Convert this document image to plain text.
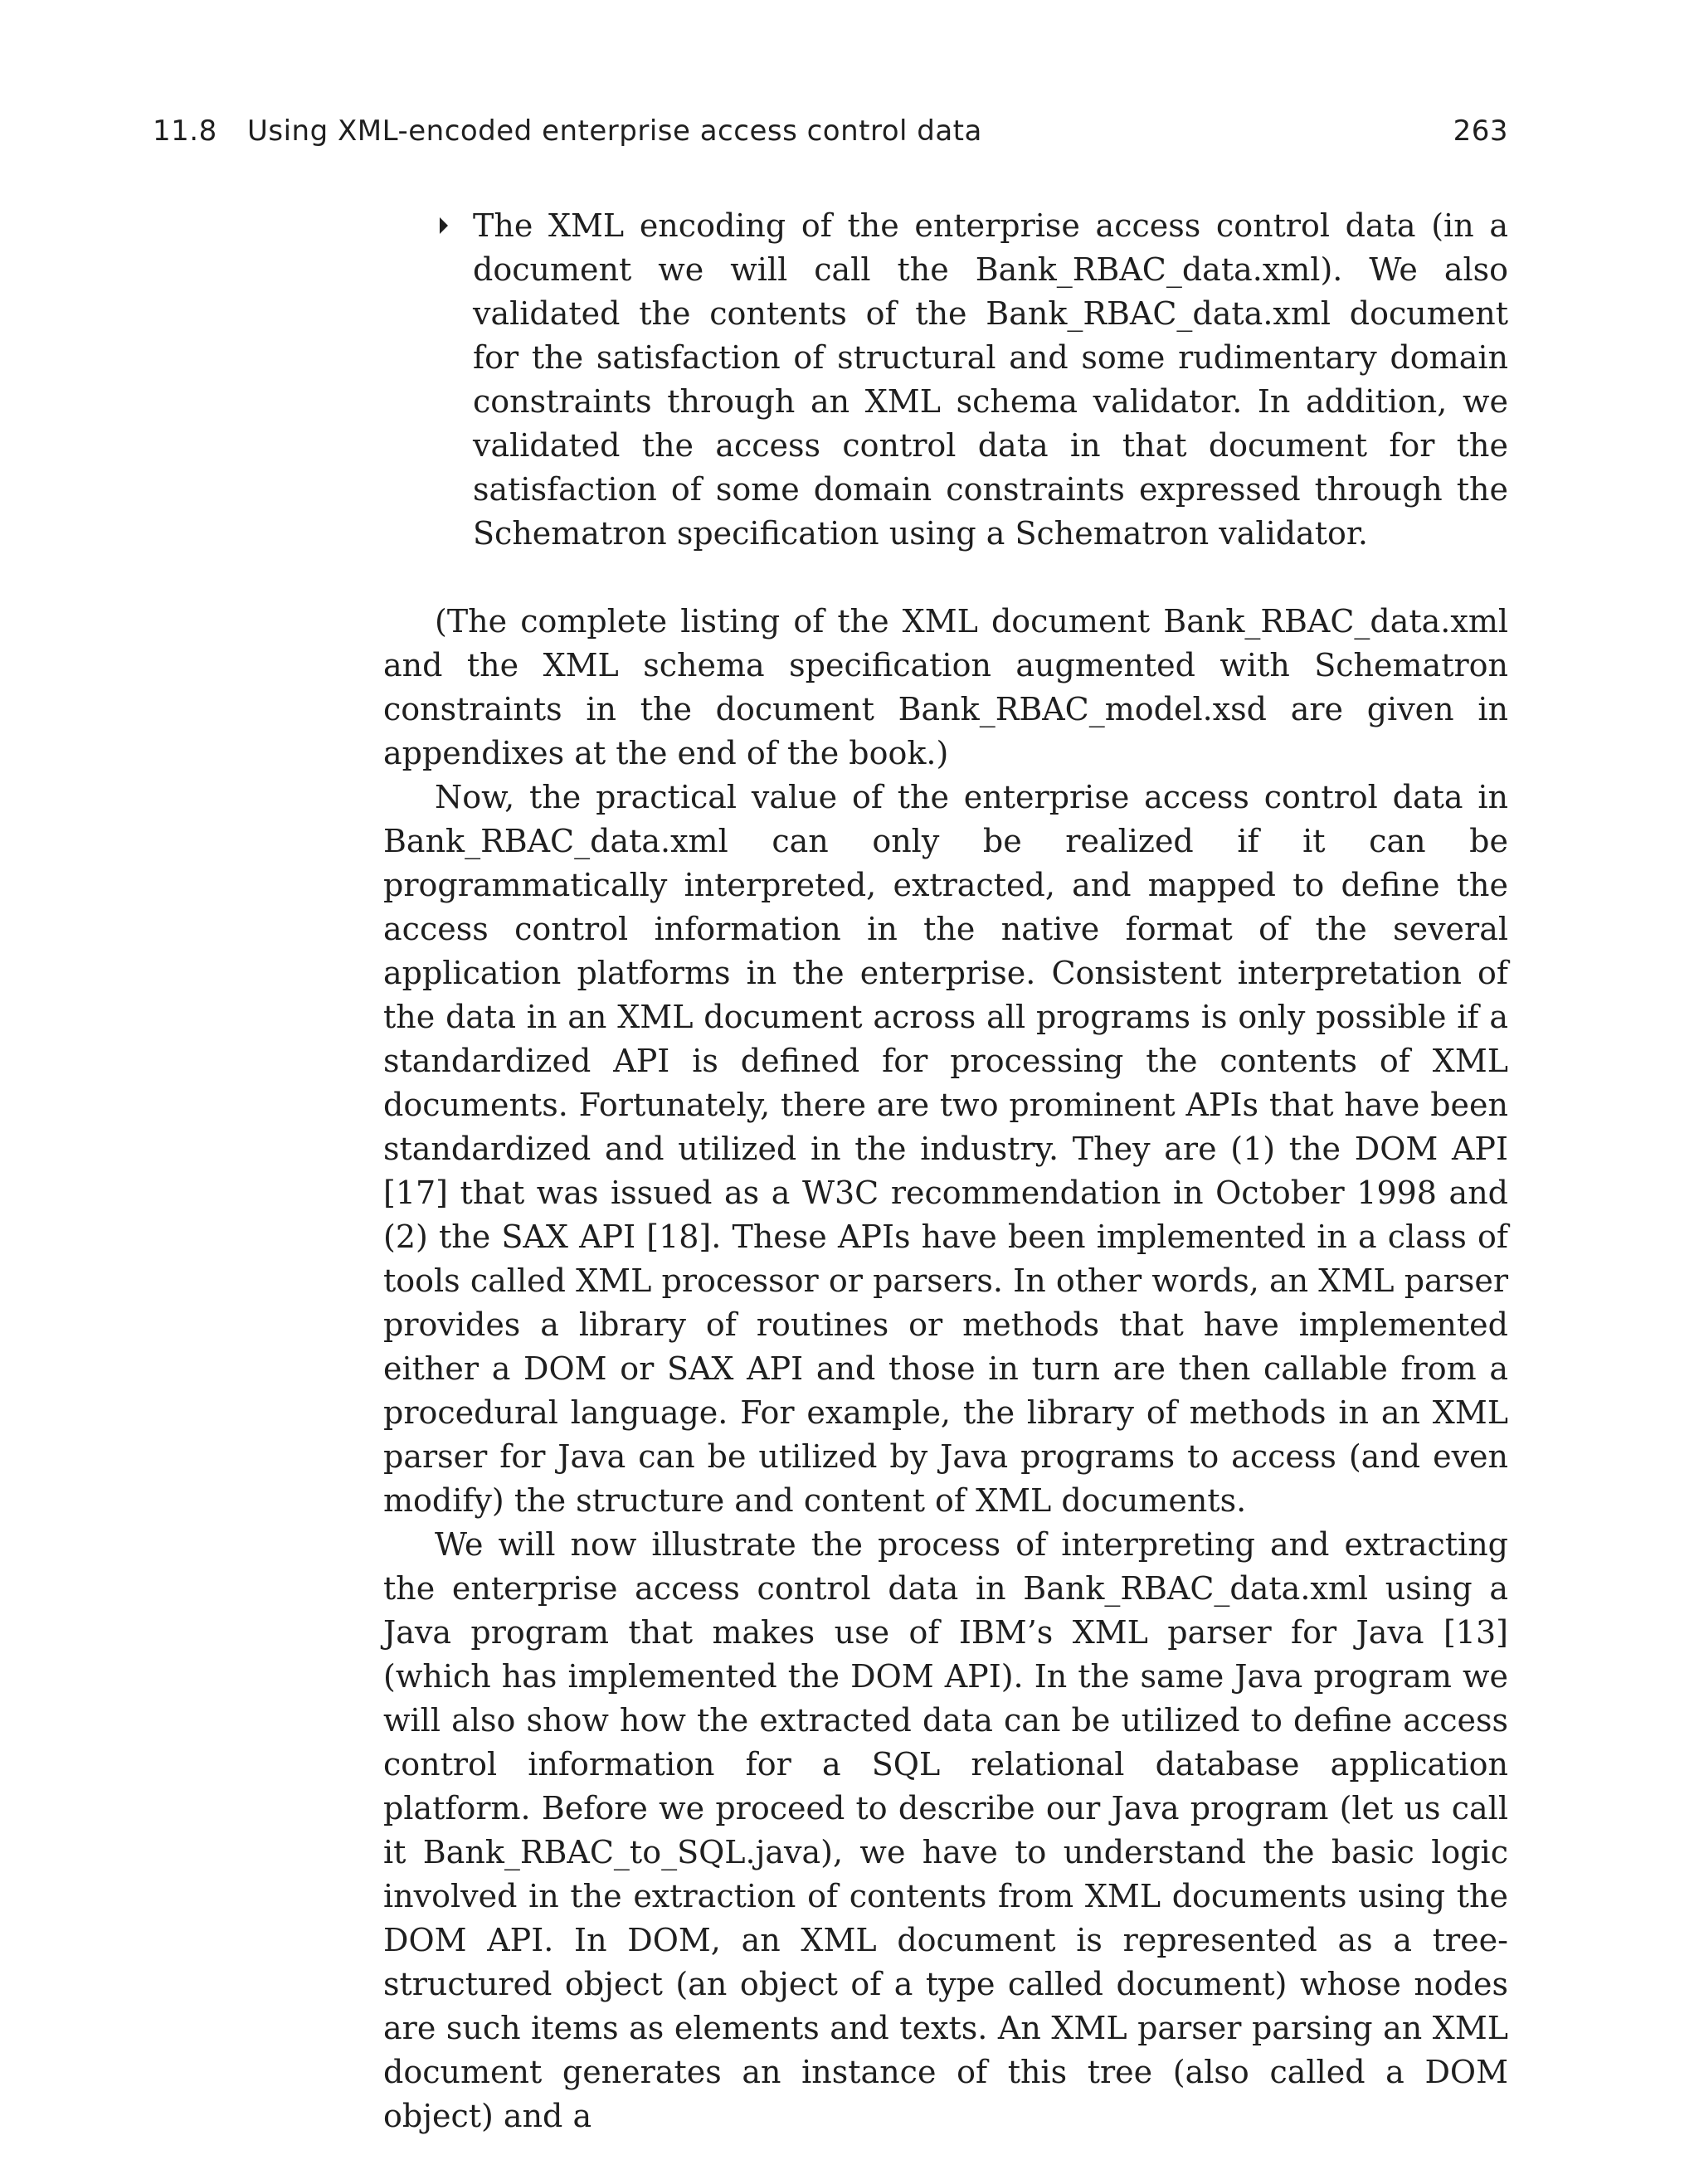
11.8 Using XML-encoded enterprise access control data	263
The XML encoding of the enterprise access control data (in a document we will call the Bank_RBAC_data.xml). We also validated the contents of the Bank_RBAC_data.xml document for the satisfaction of structural and some rudimentary domain constraints through an XML schema validator. In addition, we validated the access control data in that document for the satisfaction of some domain constraints expressed through the Schematron specification using a Schematron validator.

(The complete listing of the XML document Bank_RBAC_data.xml and the XML schema specification augmented with Schematron constraints in the document Bank_RBAC_model.xsd are given in appendixes at the end of the book.)

Now, the practical value of the enterprise access control data in Bank_RBAC_data.xml can only be realized if it can be programmatically interpreted, extracted, and mapped to define the access control information in the native format of the several application platforms in the enterprise. Consistent interpretation of the data in an XML document across all programs is only possible if a standardized API is defined for processing the contents of XML documents. Fortunately, there are two prominent APIs that have been standardized and utilized in the industry. They are (1) the DOM API [17] that was issued as a W3C recommendation in October 1998 and (2) the SAX API [18]. These APIs have been implemented in a class of tools called XML processor or parsers. In other words, an XML parser provides a library of routines or methods that have implemented either a DOM or SAX API and those in turn are then callable from a procedural language. For example, the library of methods in an XML parser for Java can be utilized by Java programs to access (and even modify) the structure and content of XML documents.

We will now illustrate the process of interpreting and extracting the enterprise access control data in Bank_RBAC_data.xml using a Java program that makes use of IBM’s XML parser for Java [13] (which has implemented the DOM API). In the same Java program we will also show how the extracted data can be utilized to define access control information for a SQL relational database application platform. Before we proceed to describe our Java program (let us call it Bank_RBAC_to_SQL.java), we have to understand the basic logic involved in the extraction of contents from XML documents using the DOM API. In DOM, an XML document is represented as a tree-structured object (an object of a type called document) whose nodes are such items as elements and texts. An XML parser parsing an XML document generates an instance of this tree (also called a DOM object) and a
